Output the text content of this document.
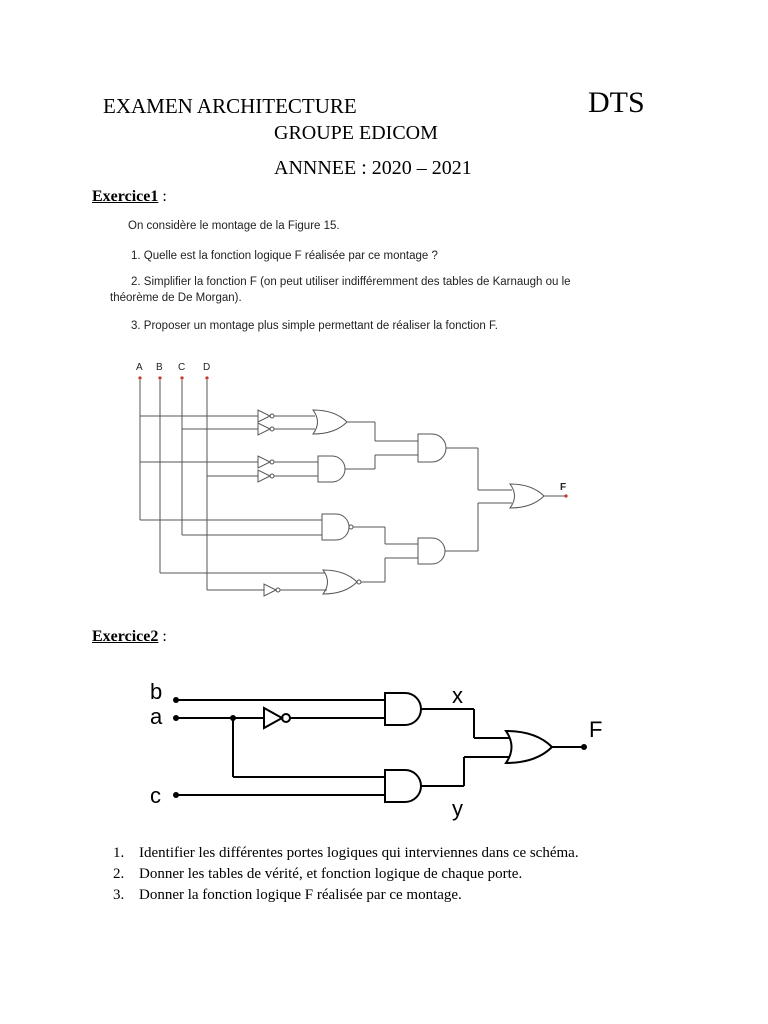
EXAMEN ARCHITECTURE	DTS
GROUPE EDICOM
ANNNEE : 2020 – 2021
Exercice1 :
On considère le montage de la Figure 15.
1. Quelle est la fonction logique F réalisée par ce montage ?
2. Simplifier la fonction F (on peut utiliser indifféremment des tables de Karnaugh ou le
théorème de De Morgan).
3. Proposer un montage plus simple permettant de réaliser la fonction F.
A B C D
F
Exercice2 :
b
a
c
x
y
F
1. Identifier les différentes portes logiques qui interviennes dans ce schéma.
2. Donner les tables de vérité, et fonction logique de chaque porte.
3. Donner la fonction logique F réalisée par ce montage.
